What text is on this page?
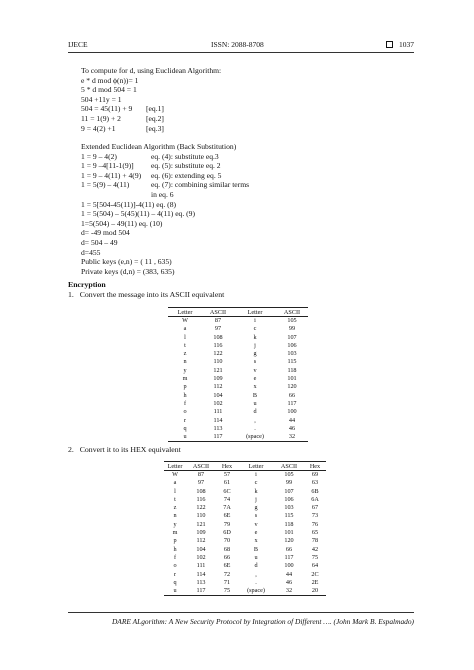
IJECE	ISSN: 2088-8708	1037
To compute for d, using Euclidean Algorithm:
e * d mod ϕ(n))= 1
5 * d mod 504 = 1
504 +11y = 1
504 = 45(11) + 9 [eq.1]
11 = 1(9) + 2	[eq.2]
9 = 4(2) +1	[eq.3]
Extended Euclidean Algorithm (Back Substitution)
1 = 9 – 4(2)	eq. (4): substitute eq.3
1 = 9 –4[11-1(9)] eq. (5): substitute eq. 2
1 = 9 – 4(11) + 4(9) eq. (6): extending eq. 5
1 = 5(9) – 4(11)	eq. (7): combining similar terms
in eq. 6
1 = 5[504-45(11)]-4(11) eq. (8)
1 = 5(504) – 5(45)(11) – 4(11) eq. (9)
1=5(504) – 49(11) eq. (10)
d= -49 mod 504
d= 504 – 49
d=455
Public keys (e,n) = ( 11 , 635)
Private keys (d,n) = (383, 635)
Encryption
1.   Convert the message into its ASCII equivalent
Letter	ASCII	Letter	ASCII
W	87	i	105
a	97	c	99
l	108	k	107
t	116	j	106
z	122	g	103
n	110	s	115
y	121	v	118
m	109	e	101
p	112	x	120
h	104	B	66
f	102	u	117
o	111	d	100
r	114	,	44
q	113	.	46
u	117	(space)	32
2.   Convert it to its HEX equivalent
Letter	ASCII	Hex	Letter	ASCII	Hex
W	87	57	i	105	69
a	97	61	c	99	63
l	108	6C	k	107	6B
t	116	74	j	106	6A
z	122	7A	g	103	67
n	110	6E	s	115	73
y	121	79	v	118	76
m	109	6D	e	101	65
p	112	70	x	120	78
h	104	68	B	66	42
f	102	66	u	117	75
o	111	6E	d	100	64
r	114	72	,	44	2C
q	113	71	.	46	2E
u	117	75	(space)	32	20
DARE ALgorithm: A New Security Protocol by Integration of Different …. (John Mark B. Espalmado)
